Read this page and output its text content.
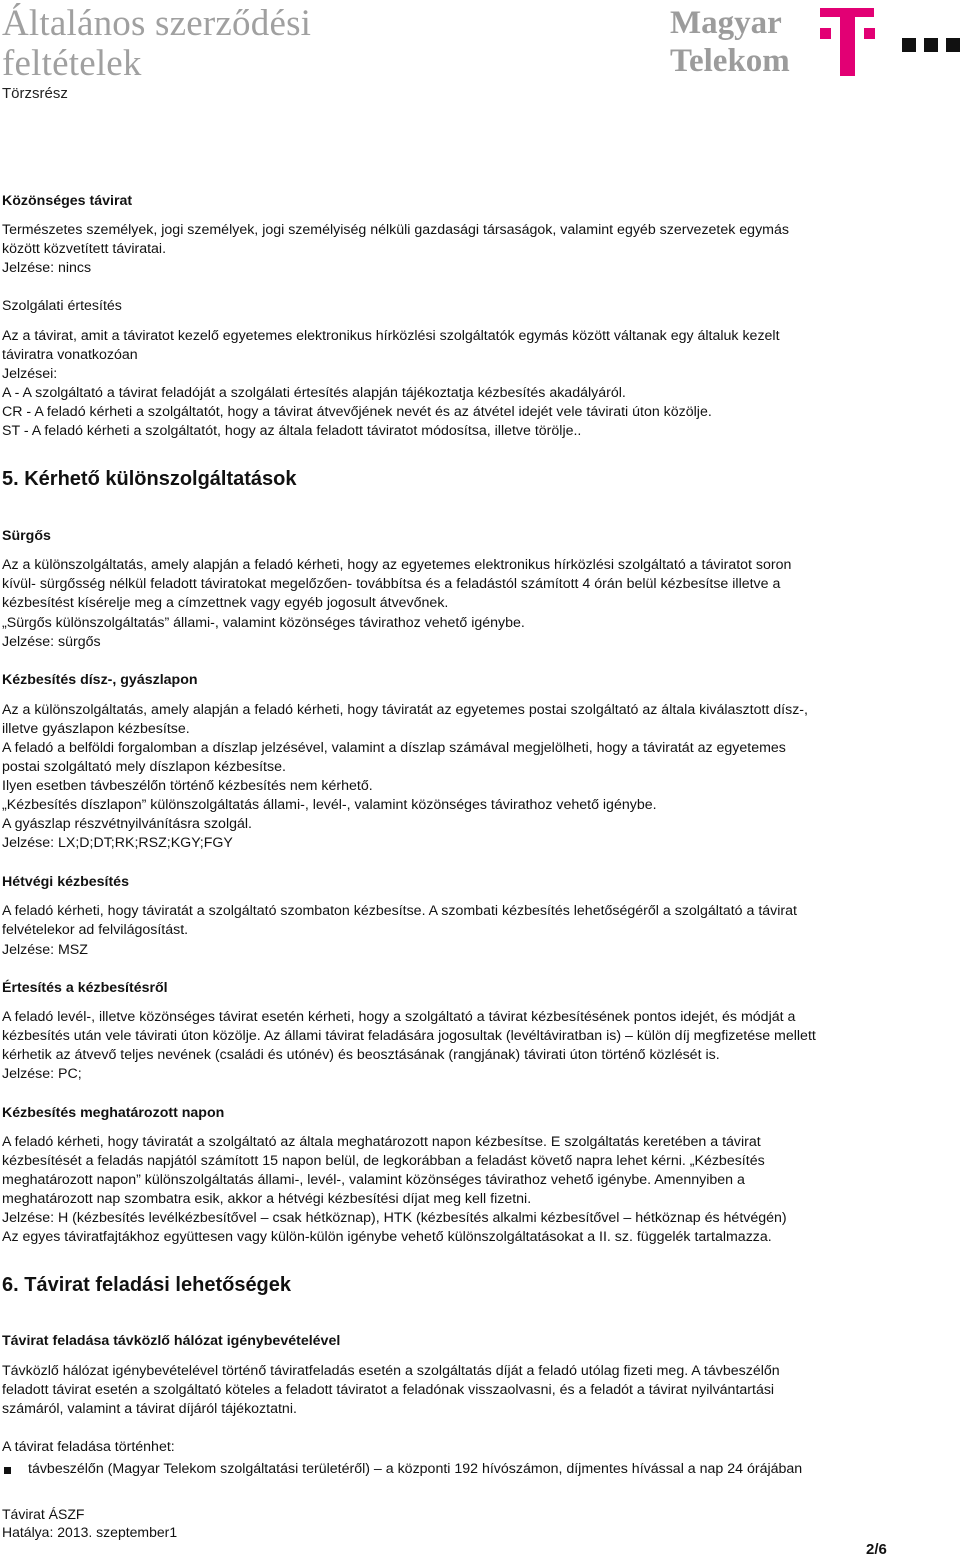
Általános szerződési
feltételek
Törzsrész
Magyar
Telekom
Közönséges távirat
Természetes személyek, jogi személyek, jogi személyiség nélküli gazdasági társaságok, valamint egyéb szervezetek egymás
között közvetített táviratai.
Jelzése: nincs
Szolgálati értesítés
Az a távirat, amit a táviratot kezelő egyetemes elektronikus hírközlési szolgáltatók egymás között váltanak egy általuk kezelt
táviratra vonatkozóan
Jelzései:
A - A szolgáltató a távirat feladóját a szolgálati értesítés alapján tájékoztatja kézbesítés akadályáról.
CR - A feladó kérheti a szolgáltatót, hogy a távirat átvevőjének nevét és az átvétel idejét vele távirati úton közölje.
ST - A feladó kérheti a szolgáltatót, hogy az általa feladott táviratot módosítsa, illetve törölje..
5. Kérhető különszolgáltatások
Sürgős
Az a különszolgáltatás, amely alapján a feladó kérheti, hogy az egyetemes elektronikus hírközlési szolgáltató a táviratot soron
kívül- sürgősség nélkül feladott táviratokat megelőzően- továbbítsa és a feladástól számított 4 órán belül kézbesítse illetve a
kézbesítést kísérelje meg a címzettnek vagy egyéb jogosult átvevőnek.
„Sürgős különszolgáltatás” állami-, valamint közönséges távirathoz vehető igénybe.
Jelzése: sürgős
Kézbesítés dísz-, gyászlapon
Az a különszolgáltatás, amely alapján a feladó kérheti, hogy táviratát az egyetemes postai szolgáltató az általa kiválasztott dísz-,
illetve gyászlapon kézbesítse.
A feladó a belföldi forgalomban a díszlap jelzésével, valamint a díszlap számával megjelölheti, hogy a táviratát az egyetemes
postai szolgáltató mely díszlapon kézbesítse.
Ilyen esetben távbeszélőn történő kézbesítés nem kérhető.
„Kézbesítés díszlapon” különszolgáltatás állami-, levél-, valamint közönséges távirathoz vehető igénybe.
A gyászlap részvétnyilvánításra szolgál.
Jelzése: LX;D;DT;RK;RSZ;KGY;FGY
Hétvégi kézbesítés
A feladó kérheti, hogy táviratát a szolgáltató szombaton kézbesítse. A szombati kézbesítés lehetőségéről a szolgáltató a távirat
felvételekor ad felvilágosítást.
Jelzése: MSZ
Értesítés a kézbesítésről
A feladó levél-, illetve közönséges távirat esetén kérheti, hogy a szolgáltató a távirat kézbesítésének pontos idejét, és módját a
kézbesítés után vele távirati úton közölje. Az állami távirat feladására jogosultak (levéltáviratban is) – külön díj megfizetése mellett
kérhetik az átvevő teljes nevének (családi és utónév) és beosztásának (rangjának) távirati úton történő közlését is.
Jelzése: PC;
Kézbesítés meghatározott napon
A feladó kérheti, hogy táviratát a szolgáltató az általa meghatározott napon kézbesítse. E szolgáltatás keretében a távirat
kézbesítését a feladás napjától számított 15 napon belül, de legkorábban a feladást követő napra lehet kérni. „Kézbesítés
meghatározott napon” különszolgáltatás állami-, levél-, valamint közönséges távirathoz vehető igénybe. Amennyiben a
meghatározott nap szombatra esik, akkor a hétvégi kézbesítési díjat meg kell fizetni.
Jelzése: H (kézbesítés levélkézbesítővel – csak hétköznap), HTK (kézbesítés alkalmi kézbesítővel – hétköznap és hétvégén)
Az egyes táviratfajtákhoz együttesen vagy külön-külön igénybe vehető különszolgáltatásokat a II. sz. függelék tartalmazza.
6. Távirat feladási lehetőségek
Távirat feladása távközlő hálózat igénybevételével
Távközlő hálózat igénybevételével történő táviratfeladás esetén a szolgáltatás díját a feladó utólag fizeti meg. A távbeszélőn
feladott távirat esetén a szolgáltató köteles a feladott táviratot a feladónak visszaolvasni, és a feladót a távirat nyilvántartási
számáról, valamint a távirat díjáról tájékoztatni.
A távirat feladása történhet:
távbeszélőn (Magyar Telekom szolgáltatási területéről) – a központi 192 hívószámon, díjmentes hívással a nap 24 órájában
Távirat ÁSZF
Hatálya: 2013. szeptember1
2/6
